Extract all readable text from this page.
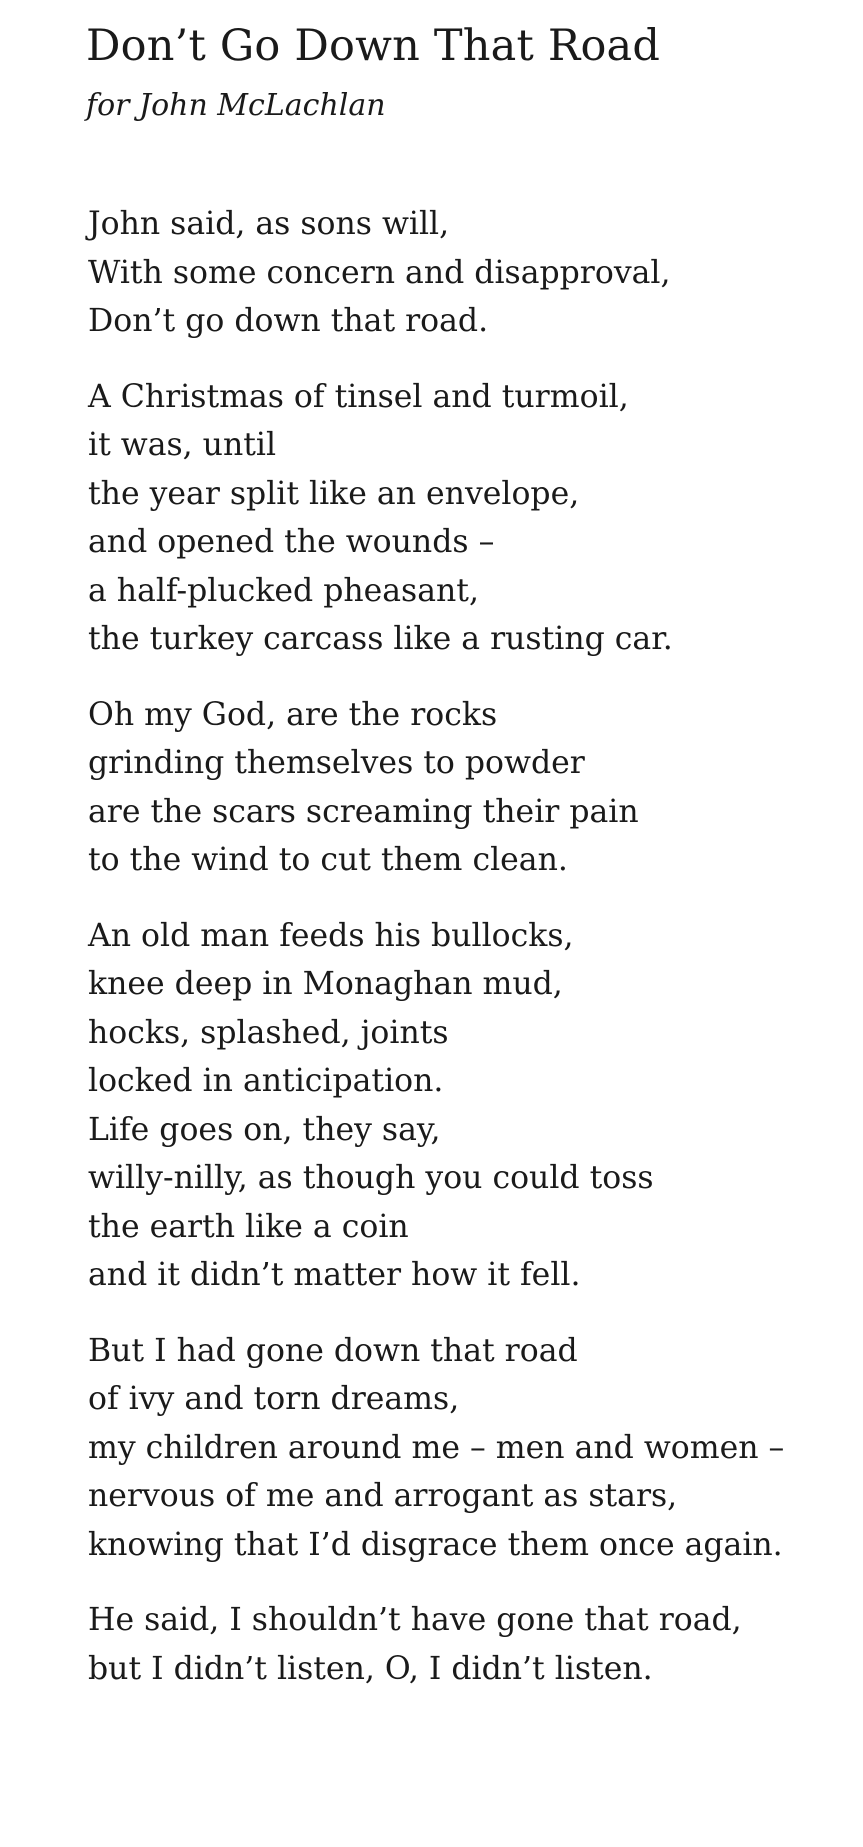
Don’t Go Down That Road

for John McLachlan

John said, as sons will,
With some concern and disapproval,
Don’t go down that road.
A Christmas of tinsel and turmoil,
it was, until
the year split like an envelope,
and opened the wounds –
a half-plucked pheasant,
the turkey carcass like a rusting car.
Oh my God, are the rocks
grinding themselves to powder
are the scars screaming their pain
to the wind to cut them clean.
An old man feeds his bullocks,
knee deep in Monaghan mud,
hocks, splashed, joints
locked in anticipation.
Life goes on, they say,
willy-nilly, as though you could toss
the earth like a coin
and it didn’t matter how it fell.
But I had gone down that road
of ivy and torn dreams,
my children around me – men and women –
nervous of me and arrogant as stars,
knowing that I’d disgrace them once again.
He said, I shouldn’t have gone that road,
but I didn’t listen, O, I didn’t listen.
